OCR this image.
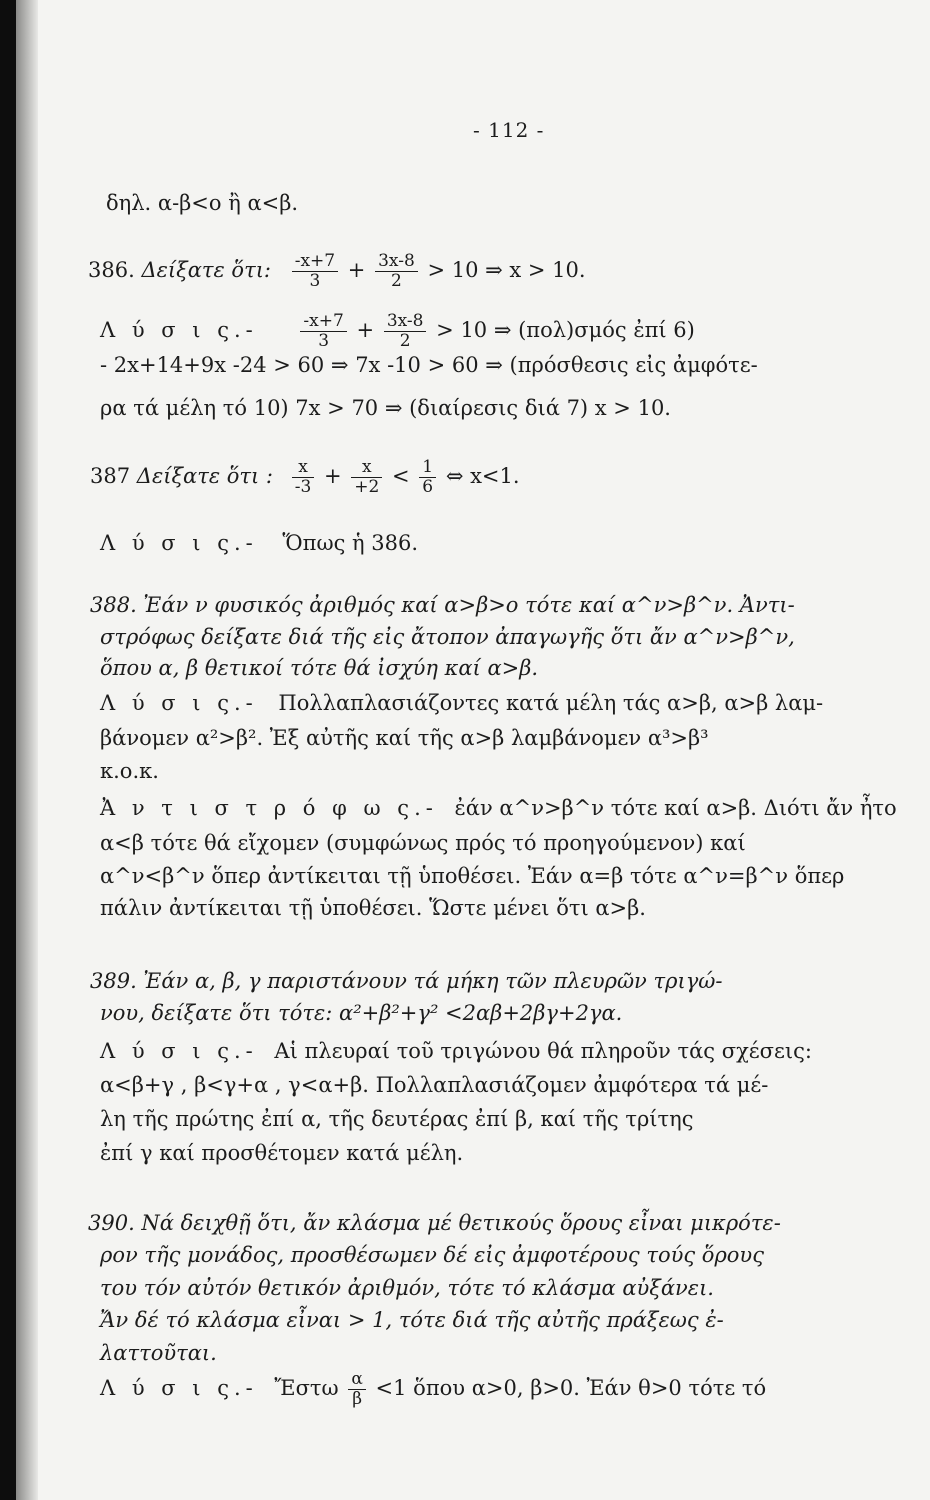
- 112 -
δηλ. α-β<ο ἢ α<β.
386. Δείξατε ὅτι: $\frac{-x+7}{3} + \frac{3x-8}{2} > 10$ ⇒ x > 10.
Λ ύ σ ι ς.-	$\frac{-x+7}{3} + \frac{3x-8}{2} > 10$ ⇒ (πολ)σμός ἐπί 6)
- 2x+14+9x -24 > 60 ⇒ 7x -10 > 60 ⇒ (πρόσθεσις εἰς ἀμφότε-
ρα τά μέλη τό 10) 7x > 70 ⇒ (διαίρεσις διά 7) x > 10.
387 Δείξατε ὅτι : $\frac{x}{-3} + \frac{x}{+2} < \frac{1}{6}$ ⇔ x<1.
Λ ύ σ ι ς.- Ὅπως ἡ 386.
388. Ἐάν ν φυσικός ἀριθμός καί α>β>ο τότε καί α^ν>β^ν. Ἀντι-
στρόφως δείξατε διά τῆς εἰς ἄτοπον ἀπαγωγῆς ὅτι ἄν α^ν>β^ν,
ὅπου α, β θετικοί τότε θά ἰσχύη καί α>β.
Λ ύ σ ι ς.- Πολλαπλασιάζοντες κατά μέλη τάς α>β, α>β λαμ-
βάνομεν α²>β². Ἐξ αὐτῆς καί τῆς α>β λαμβάνομεν α³>β³
κ.ο.κ.
Ἀ ν τ ι σ τ ρ ό φ ω ς.- ἐάν α^ν>β^ν τότε καί α>β. Διότι ἄν ἦτο
α<β τότε θά εἴχομεν (συμφώνως πρός τό προηγούμενον) καί
α^ν<β^ν ὅπερ ἀντίκειται τῇ ὑποθέσει. Ἐάν α=β τότε α^ν=β^ν ὅπερ
πάλιν ἀντίκειται τῇ ὑποθέσει. Ὥστε μένει ὅτι α>β.
389. Ἐάν α, β, γ παριστάνουν τά μήκη τῶν πλευρῶν τριγώ-
νου, δείξατε ὅτι τότε: α²+β²+γ² <2αβ+2βγ+2γα.
Λ ύ σ ι ς.- Αἱ πλευραί τοῦ τριγώνου θά πληροῦν τάς σχέσεις:
α<β+γ , β<γ+α , γ<α+β. Πολλαπλασιάζομεν ἀμφότερα τά μέ-
λη τῆς πρώτης ἐπί α, τῆς δευτέρας ἐπί β, καί τῆς τρίτης
ἐπί γ καί προσθέτομεν κατά μέλη.
390. Νά δειχθῇ ὅτι, ἄν κλάσμα μέ θετικούς ὅρους εἶναι μικρότε-
ρον τῆς μονάδος, προσθέσωμεν δέ εἰς ἀμφοτέρους τούς ὅρους
του τόν αὐτόν θετικόν ἀριθμόν, τότε τό κλάσμα αὐξάνει.
Ἄν δέ τό κλάσμα εἶναι > 1, τότε διά τῆς αὐτῆς πράξεως ἐ-
λαττοῦται.
Λ ύ σ ι ς.- Ἔστω $\frac{\alpha}{\beta} <1$ ὅπου α>0, β>0. Ἐάν θ>0 τότε τό
